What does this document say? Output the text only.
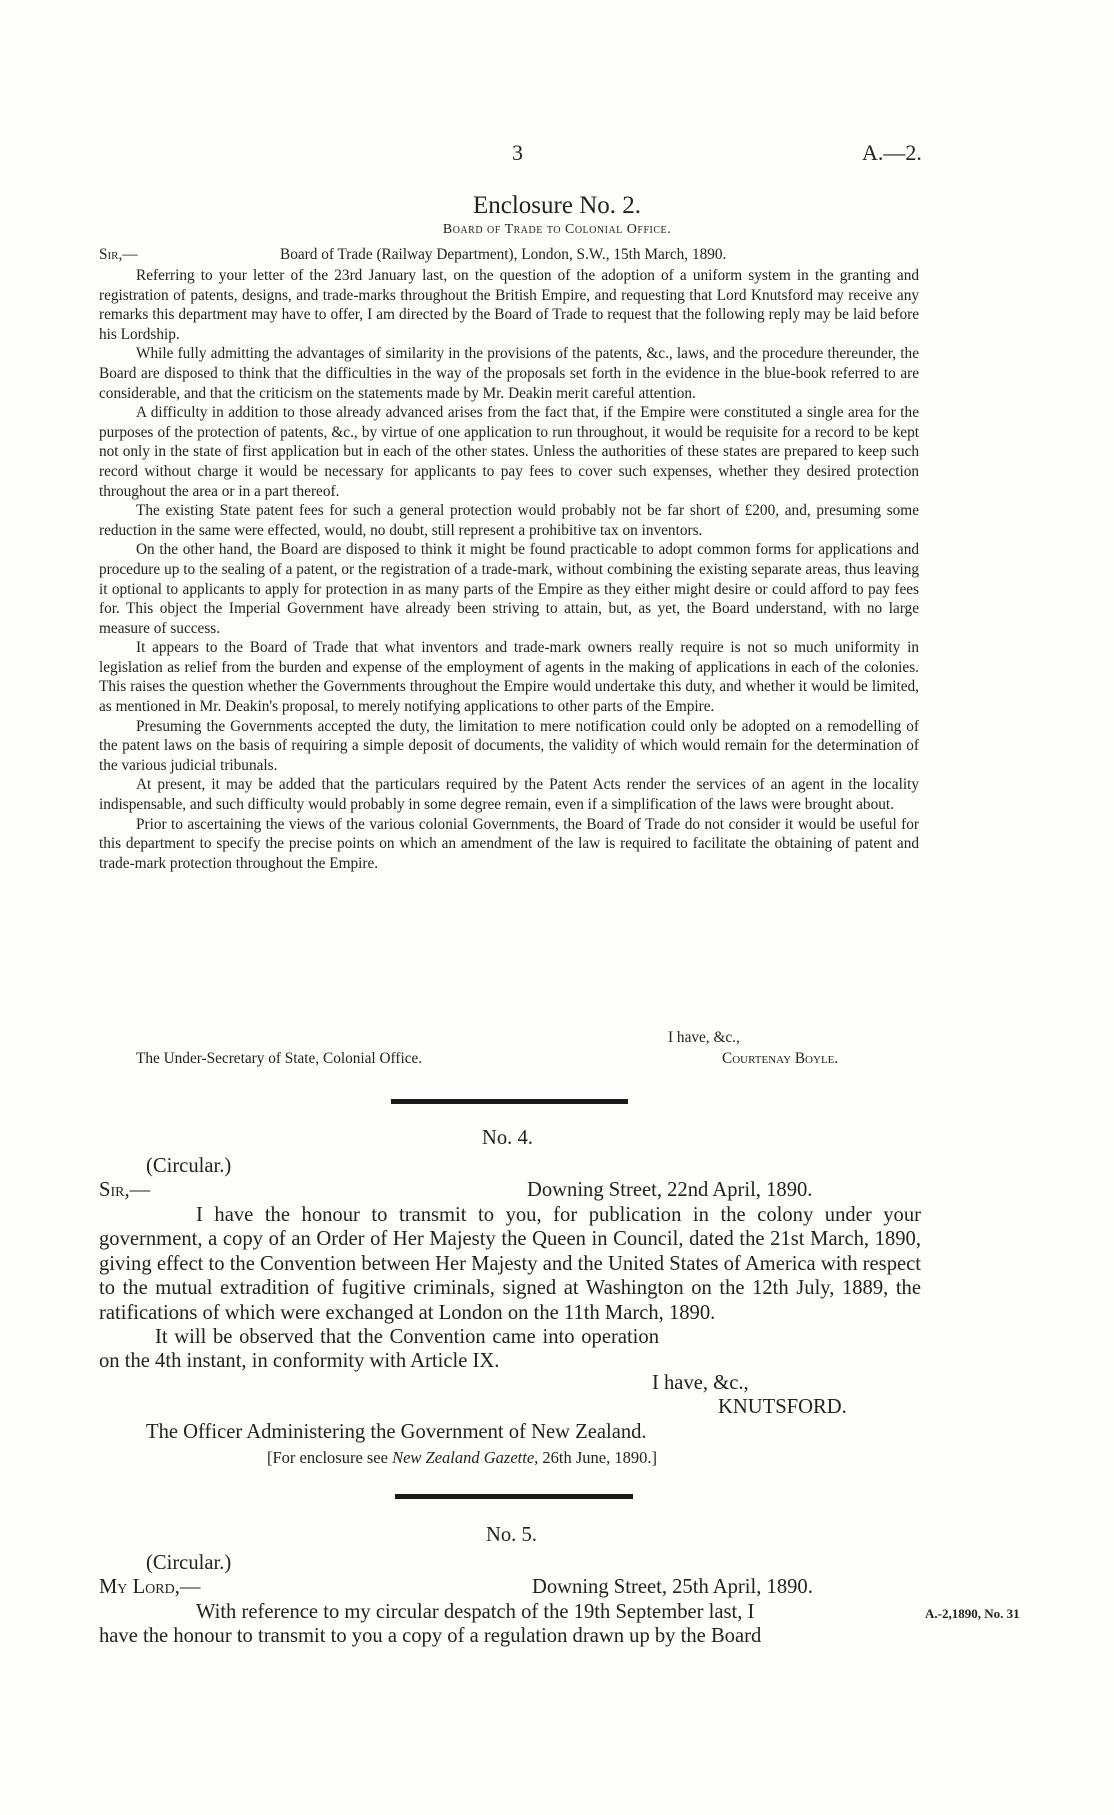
3	A.—2.
Enclosure No. 2.
Board of Trade to Colonial Office.
Sir,—	Board of Trade (Railway Department), London, S.W., 15th March, 1890.

Referring to your letter of the 23rd January last, on the question of the adoption of a uniform system in the granting and registration of patents, designs, and trade-marks throughout the British Empire, and requesting that Lord Knutsford may receive any remarks this department may have to offer, I am directed by the Board of Trade to request that the following reply may be laid before his Lordship.

While fully admitting the advantages of similarity in the provisions of the patents, &c., laws, and the procedure thereunder, the Board are disposed to think that the difficulties in the way of the proposals set forth in the evidence in the blue-book referred to are considerable, and that the criticism on the statements made by Mr. Deakin merit careful attention.

A difficulty in addition to those already advanced arises from the fact that, if the Empire were constituted a single area for the purposes of the protection of patents, &c., by virtue of one application to run throughout, it would be requisite for a record to be kept not only in the state of first application but in each of the other states. Unless the authorities of these states are prepared to keep such record without charge it would be necessary for applicants to pay fees to cover such expenses, whether they desired protection throughout the area or in a part thereof.

The existing State patent fees for such a general protection would probably not be far short of £200, and, presuming some reduction in the same were effected, would, no doubt, still represent a prohibitive tax on inventors.

On the other hand, the Board are disposed to think it might be found practicable to adopt common forms for applications and procedure up to the sealing of a patent, or the registration of a trade-mark, without combining the existing separate areas, thus leaving it optional to applicants to apply for protection in as many parts of the Empire as they either might desire or could afford to pay fees for. This object the Imperial Government have already been striving to attain, but, as yet, the Board understand, with no large measure of success.

It appears to the Board of Trade that what inventors and trade-mark owners really require is not so much uniformity in legislation as relief from the burden and expense of the employment of agents in the making of applications in each of the colonies. This raises the question whether the Governments throughout the Empire would undertake this duty, and whether it would be limited, as mentioned in Mr. Deakin's proposal, to merely notifying applications to other parts of the Empire.

Presuming the Governments accepted the duty, the limitation to mere notification could only be adopted on a remodelling of the patent laws on the basis of requiring a simple deposit of documents, the validity of which would remain for the determination of the various judicial tribunals.

At present, it may be added that the particulars required by the Patent Acts render the services of an agent in the locality indispensable, and such difficulty would probably in some degree remain, even if a simplification of the laws were brought about.

Prior to ascertaining the views of the various colonial Governments, the Board of Trade do not consider it would be useful for this department to specify the precise points on which an amendment of the law is required to facilitate the obtaining of patent and trade-mark protection throughout the Empire.

I have, &c.,
The Under-Secretary of State, Colonial Office.	Courtenay Boyle.
No. 4.
(Circular.)
Sir,—	Downing Street, 22nd April, 1890.

I have the honour to transmit to you, for publication in the colony under your government, a copy of an Order of Her Majesty the Queen in Council, dated the 21st March, 1890, giving effect to the Convention between Her Majesty and the United States of America with respect to the mutual extradition of fugitive criminals, signed at Washington on the 12th July, 1889, the ratifications of which were exchanged at London on the 11th March, 1890.

It will be observed that the Convention came into operation on the 4th instant, in conformity with Article IX.

I have, &c.,
KNUTSFORD.
The Officer Administering the Government of New Zealand.
[For enclosure see New Zealand Gazette, 26th June, 1890.]
No. 5.
(Circular.)
My Lord,—	Downing Street, 25th April, 1890.
With reference to my circular despatch of the 19th September last, I
have the honour to transmit to you a copy of a regulation drawn up by the Board
A.-2,1890, No. 31
